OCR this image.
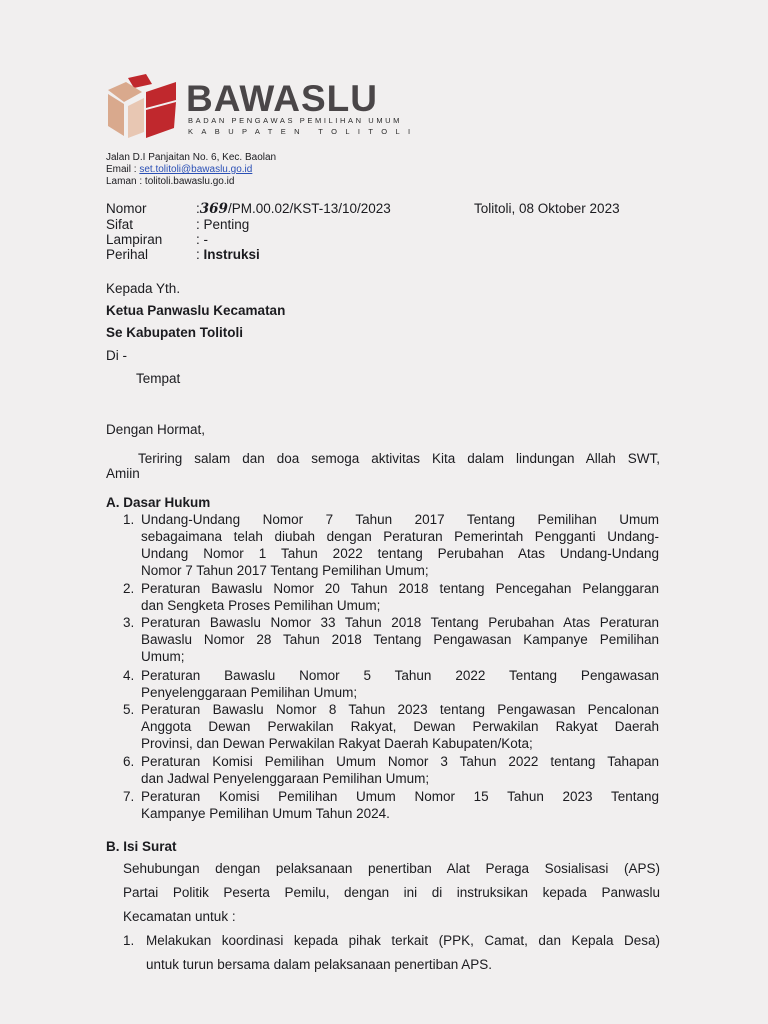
BAWASLU
BADAN PENGAWAS PEMILIHAN UMUM
KABUPATEN TOLITOLI
Jalan D.I Panjaitan No. 6, Kec. Baolan
Email : set.tolitoli@bawaslu.go.id
Laman : tolitoli.bawaslu.go.id
Nomor	:369/PM.00.02/KST-13/10/2023	Tolitoli, 08 Oktober 2023
Sifat	: Penting
Lampiran : -
Perihal	: Instruksi
Kepada Yth.
Ketua Panwaslu Kecamatan
Se Kabupaten Tolitoli
Di -
Tempat
Dengan Hormat,
Teriring salam dan doa semoga aktivitas Kita dalam lindungan Allah SWT,
Amiin
A. Dasar Hukum
1. Undang-Undang Nomor 7 Tahun 2017 Tentang Pemilihan Umum
sebagaimana telah diubah dengan Peraturan Pemerintah Pengganti Undang-
Undang Nomor 1 Tahun 2022 tentang Perubahan Atas Undang-Undang
Nomor 7 Tahun 2017 Tentang Pemilihan Umum;
2. Peraturan Bawaslu Nomor 20 Tahun 2018 tentang Pencegahan Pelanggaran
dan Sengketa Proses Pemilihan Umum;
3. Peraturan Bawaslu Nomor 33 Tahun 2018 Tentang Perubahan Atas Peraturan
Bawaslu Nomor 28 Tahun 2018 Tentang Pengawasan Kampanye Pemilihan
Umum;
4. Peraturan Bawaslu Nomor 5 Tahun 2022 Tentang Pengawasan
Penyelenggaraan Pemilihan Umum;
5. Peraturan Bawaslu Nomor 8 Tahun 2023 tentang Pengawasan Pencalonan
Anggota Dewan Perwakilan Rakyat, Dewan Perwakilan Rakyat Daerah
Provinsi, dan Dewan Perwakilan Rakyat Daerah Kabupaten/Kota;
6. Peraturan Komisi Pemilihan Umum Nomor 3 Tahun 2022 tentang Tahapan
dan Jadwal Penyelenggaraan Pemilihan Umum;
7. Peraturan Komisi Pemilihan Umum Nomor 15 Tahun 2023 Tentang
Kampanye Pemilihan Umum Tahun 2024.
B. Isi Surat
Sehubungan dengan pelaksanaan penertiban Alat Peraga Sosialisasi (APS)
Partai Politik Peserta Pemilu, dengan ini di instruksikan kepada Panwaslu
Kecamatan untuk :
1. Melakukan koordinasi kepada pihak terkait (PPK, Camat, dan Kepala Desa)
untuk turun bersama dalam pelaksanaan penertiban APS.
